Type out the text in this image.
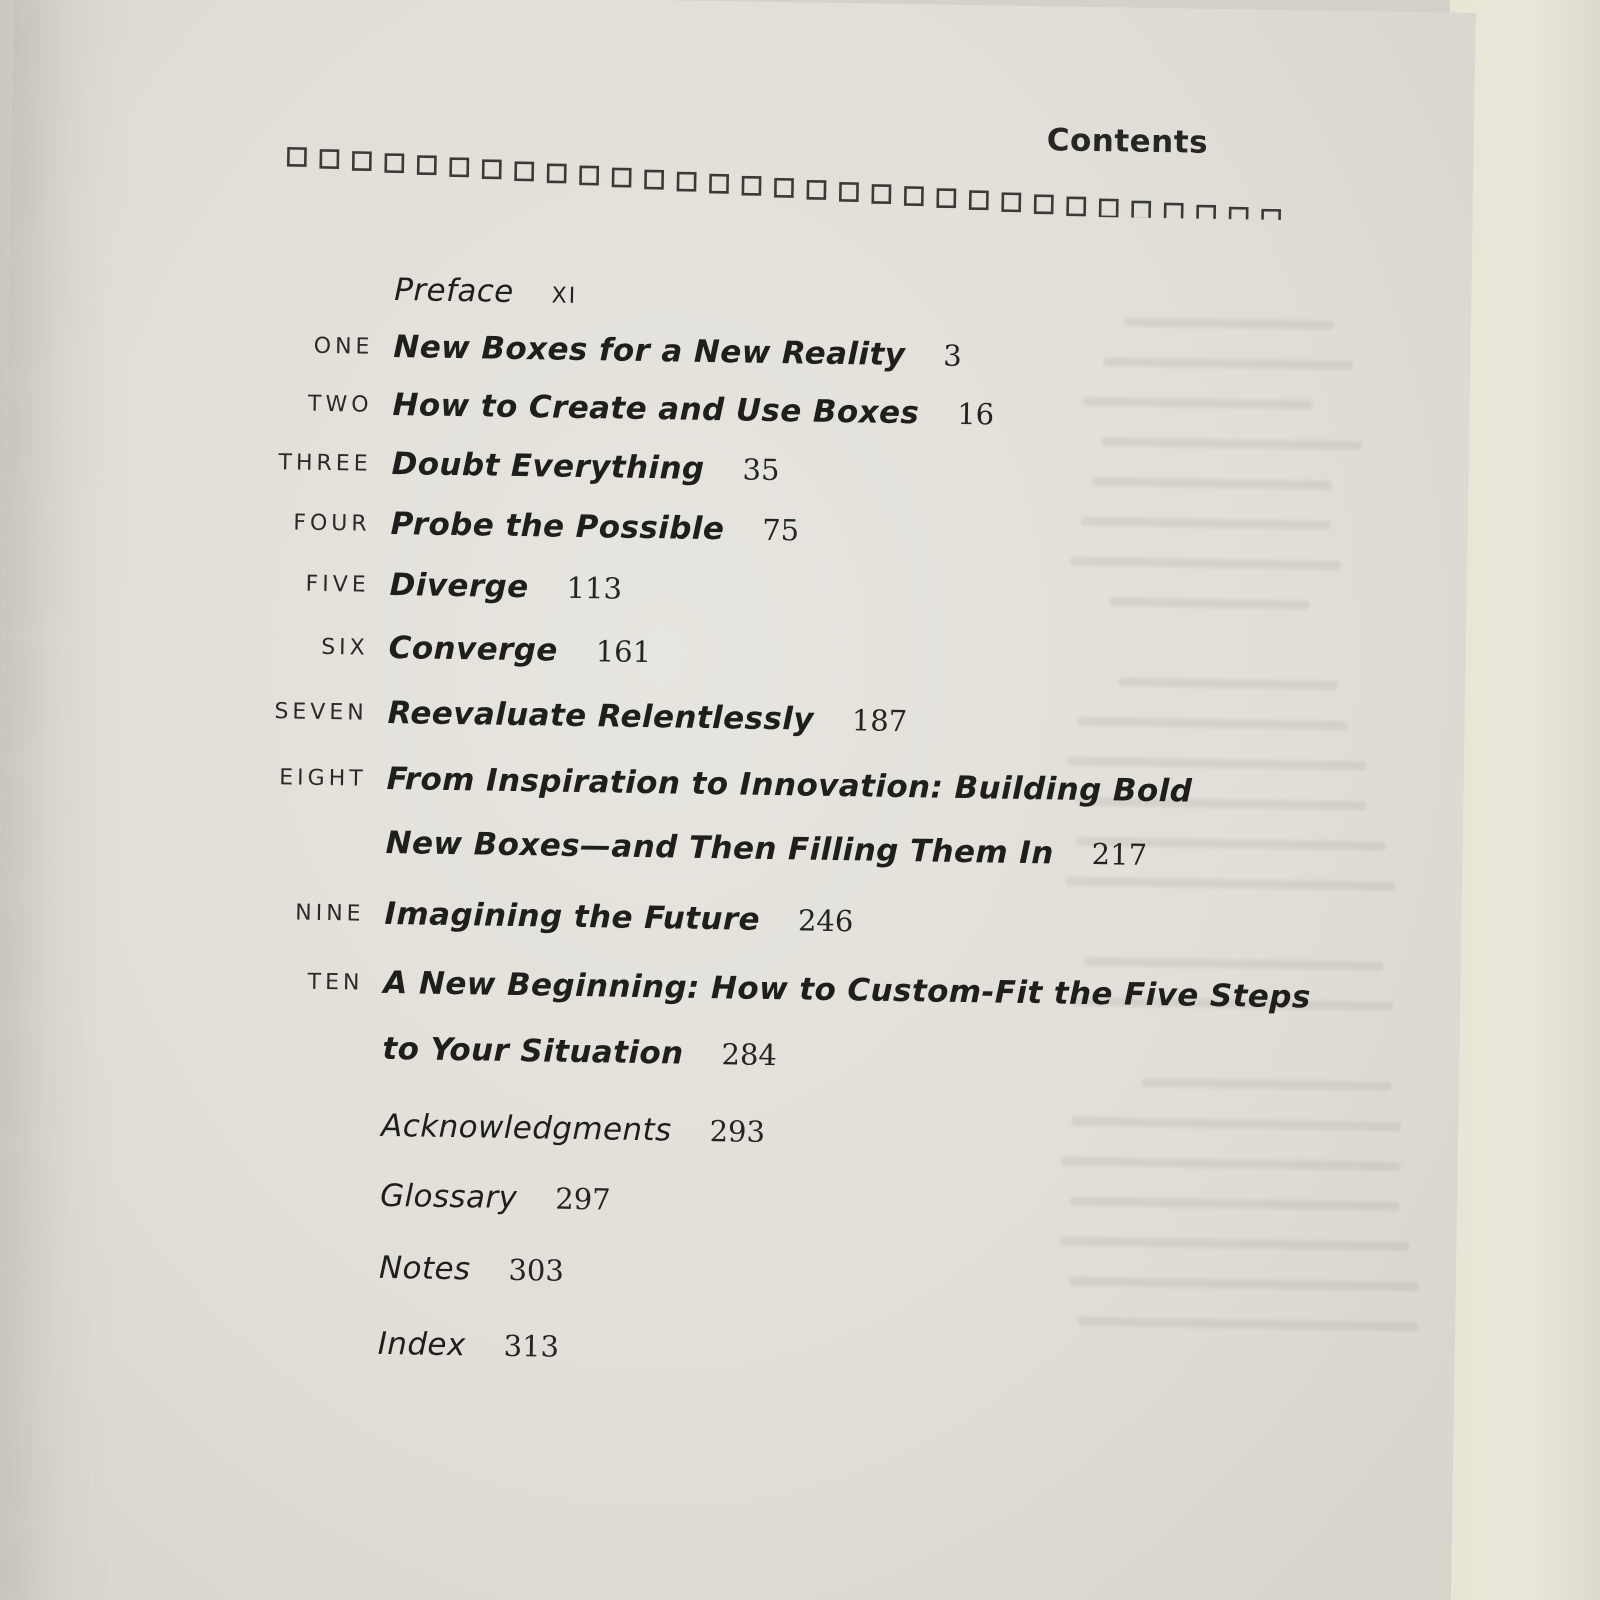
Contents
Preface XI
ONE New Boxes for a New Reality 3
TWO How to Create and Use Boxes 16
THREE Doubt Everything 35
FOUR Probe the Possible 75
FIVE Diverge 113
SIX Converge 161
SEVEN Reevaluate Relentlessly 187
EIGHT From Inspiration to Innovation: Building Bold
New Boxes—and Then Filling Them In 217
NINE Imagining the Future 246
TEN A New Beginning: How to Custom-Fit the Five Steps
to Your Situation 284
Acknowledgments 293
Glossary 297
Notes 303
Index 313
